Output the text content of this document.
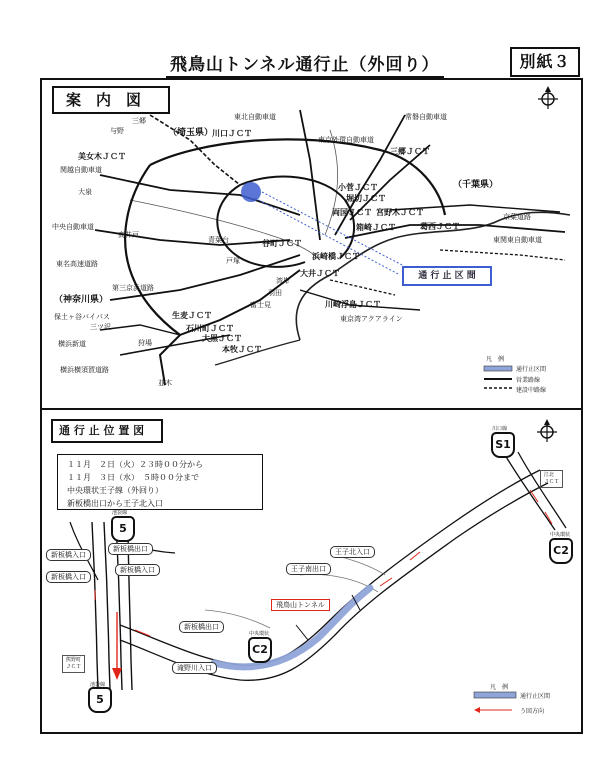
飛鳥山トンネル通行止（外回り）	別紙３
案　内　図
通 行 止 区 間
（埼玉県）
（千葉県）
（神奈川県）
関越自動車道
東北自動車道	常磐自動車道
東京外環自動車道
中央自動車道
東名高速道路
第三京浜道路
横浜新道
横浜横須賀道路
東関東自動車道
京葉道路
東京湾アクアライン
保土ヶ谷バイパス
川口ＪＣＴ
美女木ＪＣＴ
三郷ＪＣＴ
小菅ＪＣＴ
堀切ＪＣＴ
両国ＪＣＴ
箱崎ＪＣＴ
谷町ＪＣＴ
浜崎橋ＪＣＴ
大井ＪＣＴ
大黒ＪＣＴ
本牧ＪＣＴ
生麦ＪＣＴ
石川町ＪＣＴ
川崎浮島ＪＣＴ
葛西ＪＣＴ
宮野木ＪＣＴ
与野
三郷
大泉
高井戸
青葉台
羽田
富士見
狩場
並木
戸塚
三ツ沢
湾岸
凡　例
通行止区間
営業路線
建設中路線
通 行 止 位 置 図
１１月　２日（火）２３時００分から
１１月　３日（水）　５時００分まで
中央環状王子線（外回り）
新板橋出口から王子北入口
S1
5
5
C2
C2
川口線
池袋線
池袋線
中央環状
中央環状
新板橋入口
新板橋入口
新板橋入口
新板橋出口
新板橋出口
王子北入口
王子南出口
滝野川入口
飛鳥山トンネル
江北
ＪＣＴ
熊野町
ＪＣＴ
凡　例
通行止区間
う回方向
